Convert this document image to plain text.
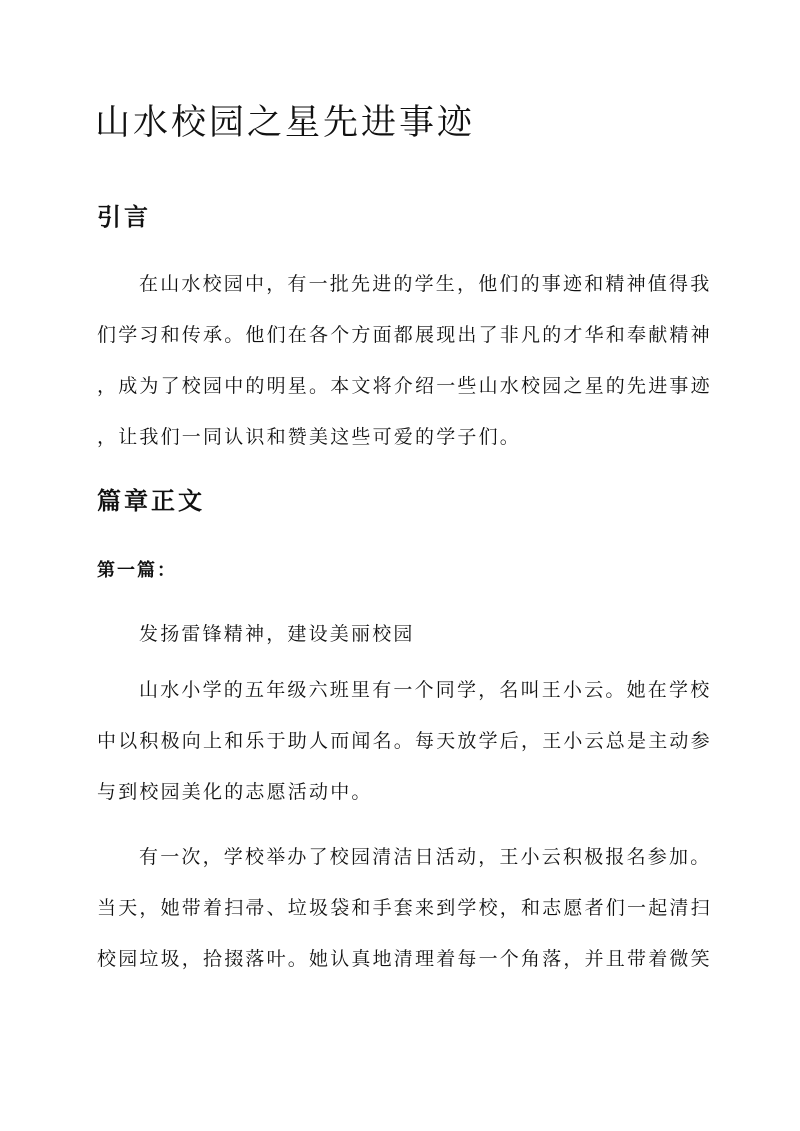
山水校园之星先进事迹
引言

在山水校园中，有一批先进的学生，他们的事迹和精神值得我
们学习和传承。他们在各个方面都展现出了非凡的才华和奉献精神
，成为了校园中的明星。本文将介绍一些山水校园之星的先进事迹
，让我们一同认识和赞美这些可爱的学子们。

篇章正文
第一篇：

发扬雷锋精神，建设美丽校园

山水小学的五年级六班里有一个同学，名叫王小云。她在学校
中以积极向上和乐于助人而闻名。每天放学后，王小云总是主动参
与到校园美化的志愿活动中。

有一次，学校举办了校园清洁日活动，王小云积极报名参加。
当天，她带着扫帚、垃圾袋和手套来到学校，和志愿者们一起清扫
校园垃圾，拾掇落叶。她认真地清理着每一个角落，并且带着微笑
